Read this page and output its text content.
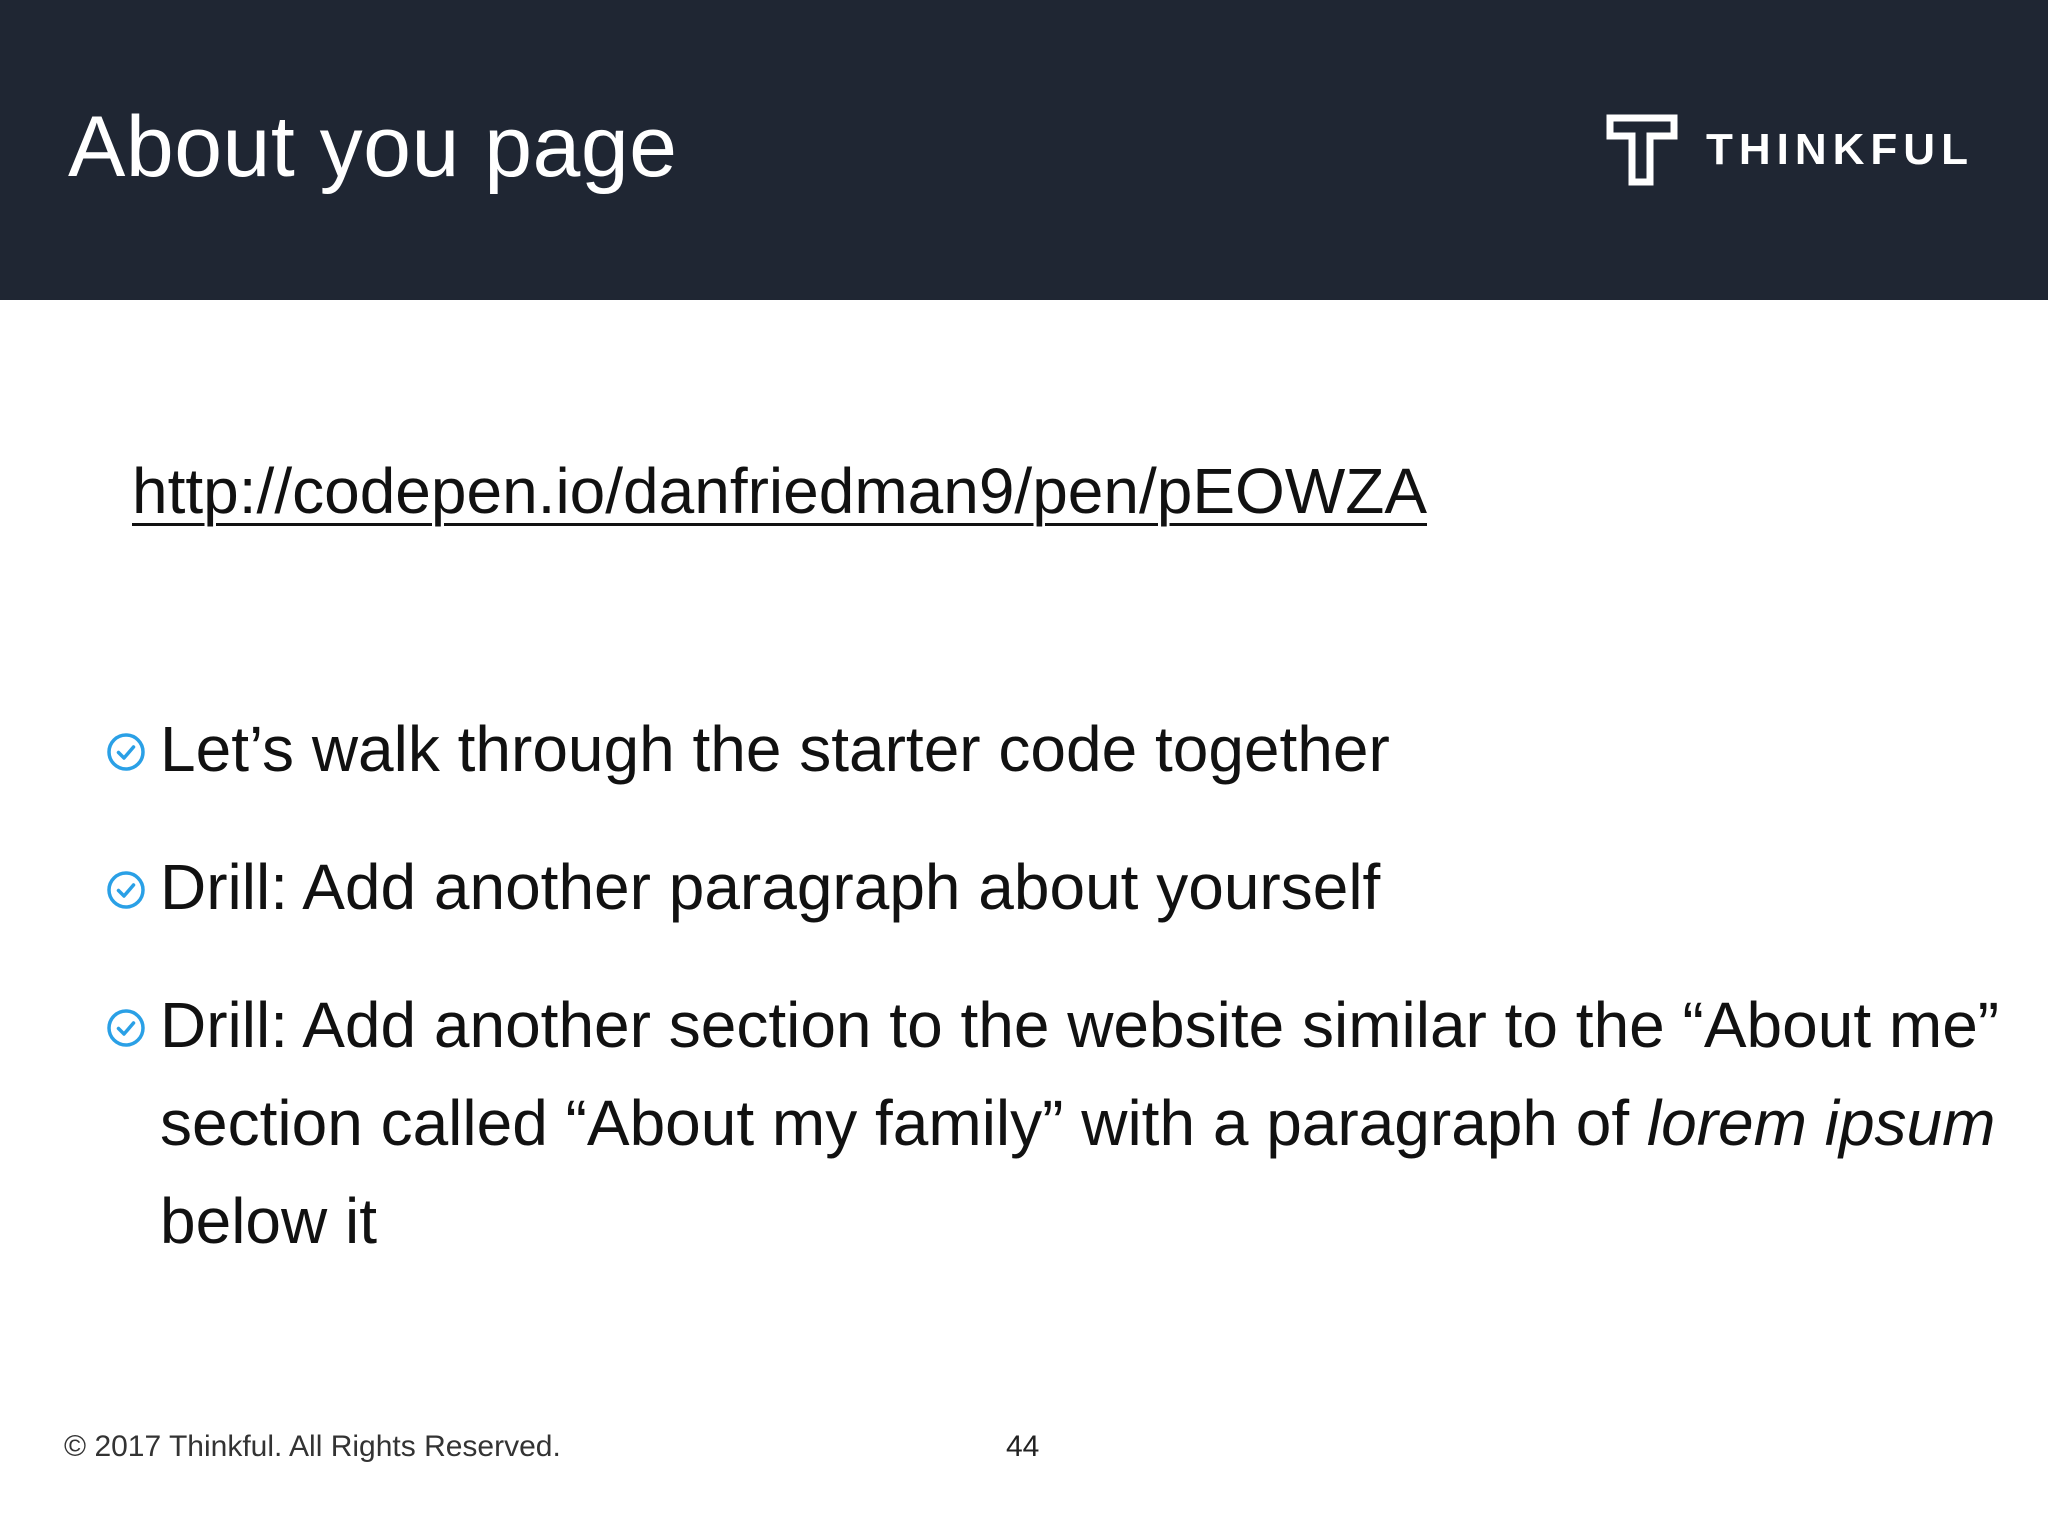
About you page	THINKFUL
http://codepen.io/danfriedman9/pen/pEOWZA
Let’s walk through the starter code together
Drill: Add another paragraph about yourself
Drill: Add another section to the website similar to the “About me” section called “About my family” with a paragraph of lorem ipsum below it
© 2017 Thinkful. All Rights Reserved.	44
